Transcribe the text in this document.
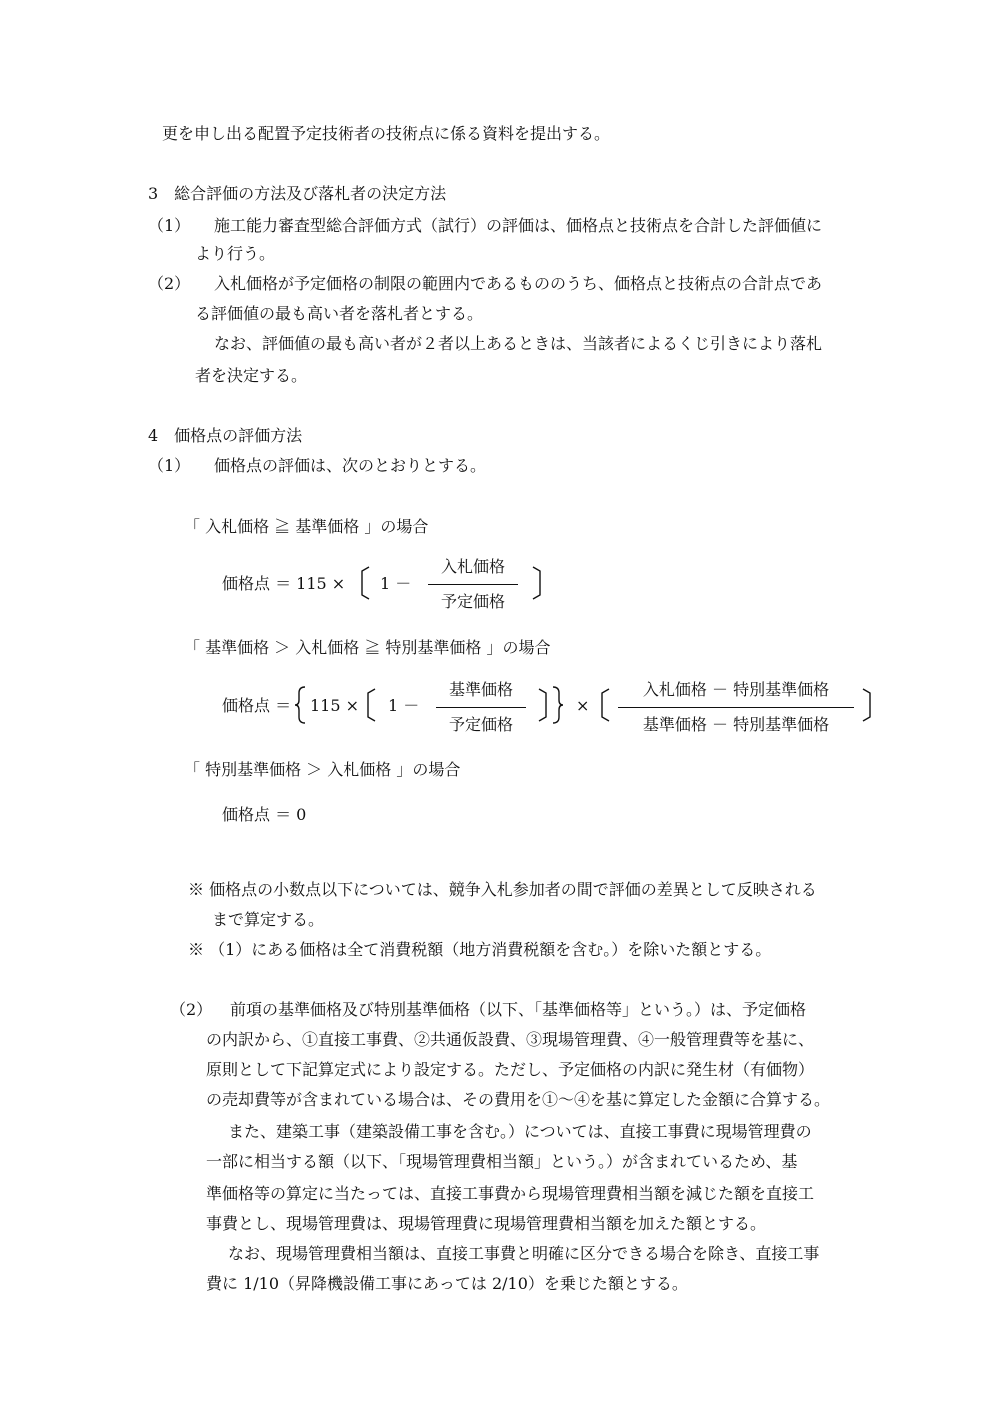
更を申し出る配置予定技術者の技術点に係る資料を提出する。
3　総合評価の方法及び落札者の決定方法
（1） 施工能力審査型総合評価方式（試行）の評価は、価格点と技術点を合計した評価値に
より行う。
（2） 入札価格が予定価格の制限の範囲内であるもののうち、価格点と技術点の合計点であ
る評価値の最も高い者を落札者とする。
なお、評価値の最も高い者が２者以上あるときは、当該者によるくじ引きにより落札
者を決定する。
4　価格点の評価方法
（1） 価格点の評価は、次のとおりとする。
「 入札価格 ≧ 基準価格 」の場合
価格点 ＝ 115 × 1 －
入札価格
予定価格
「 基準価格 ＞ 入札価格 ≧ 特別基準価格 」の場合
価格点 ＝ 115 × 1 －
基準価格
予定価格
×
入札価格 － 特別基準価格
基準価格 － 特別基準価格
「 特別基準価格 ＞ 入札価格 」の場合
価格点 ＝ 0
※ 価格点の小数点以下については、競争入札参加者の間で評価の差異として反映される
まで算定する。
※ （1）にある価格は全て消費税額（地方消費税額を含む。）を除いた額とする。
（2） 前項の基準価格及び特別基準価格（以下、「基準価格等」という。）は、予定価格
の内訳から、①直接工事費、②共通仮設費、③現場管理費、④一般管理費等を基に、
原則として下記算定式により設定する。ただし、予定価格の内訳に発生材（有価物）
の売却費等が含まれている場合は、その費用を①～④を基に算定した金額に合算する。
また、建築工事（建築設備工事を含む。）については、直接工事費に現場管理費の
一部に相当する額（以下、「現場管理費相当額」という。）が含まれているため、基
準価格等の算定に当たっては、直接工事費から現場管理費相当額を減じた額を直接工
事費とし、現場管理費は、現場管理費に現場管理費相当額を加えた額とする。
なお、現場管理費相当額は、直接工事費と明確に区分できる場合を除き、直接工事
費に 1/10（昇降機設備工事にあっては 2/10）を乗じた額とする。
